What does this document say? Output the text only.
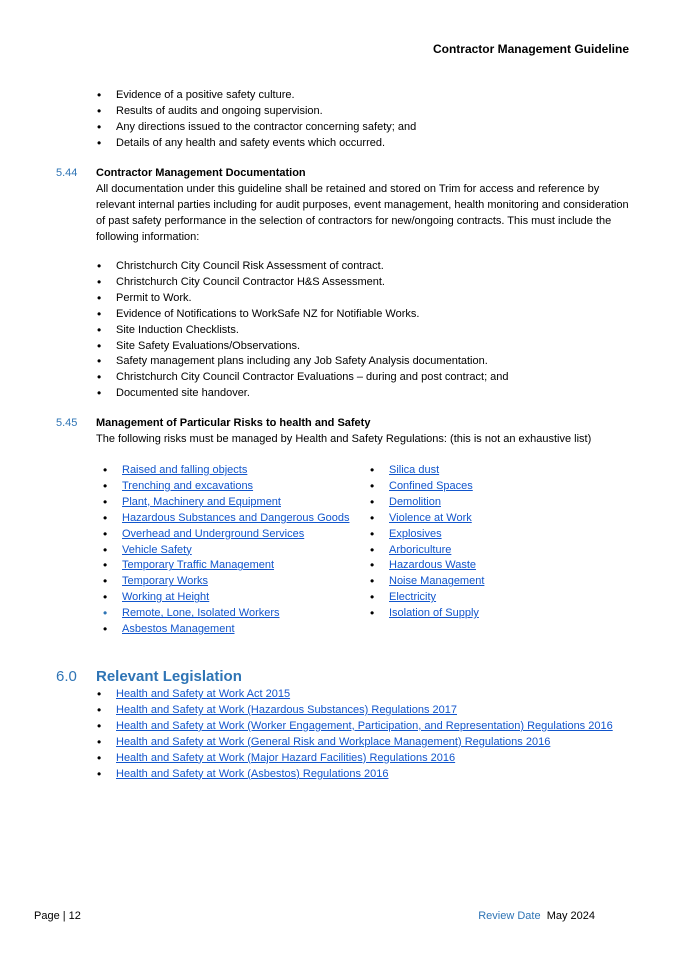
Contractor Management Guideline
• Evidence of a positive safety culture.
• Results of audits and ongoing supervision.
• Any directions issued to the contractor concerning safety; and
• Details of any health and safety events which occurred.
5.44 Contractor Management Documentation
All documentation under this guideline shall be retained and stored on Trim for access and reference by relevant internal parties including for audit purposes, event management, health monitoring and consideration of past safety performance in the selection of contractors for new/ongoing contracts. This must include the following information:
• Christchurch City Council Risk Assessment of contract.
• Christchurch City Council Contractor H&S Assessment.
• Permit to Work.
• Evidence of Notifications to WorkSafe NZ for Notifiable Works.
• Site Induction Checklists.
• Site Safety Evaluations/Observations.
• Safety management plans including any Job Safety Analysis documentation.
• Christchurch City Council Contractor Evaluations – during and post contract; and
• Documented site handover.
5.45 Management of Particular Risks to health and Safety
The following risks must be managed by Health and Safety Regulations: (this is not an exhaustive list)
• Raised and falling objects
• Trenching and excavations
• Plant, Machinery and Equipment
• Hazardous Substances and Dangerous Goods
• Overhead and Underground Services
• Vehicle Safety
• Temporary Traffic Management
• Temporary Works
• Working at Height
• Remote, Lone, Isolated Workers
• Asbestos Management
• Silica dust
• Confined Spaces
• Demolition
• Violence at Work
• Explosives
• Arboriculture
• Hazardous Waste
• Noise Management
• Electricity
• Isolation of Supply
6.0 Relevant Legislation
• Health and Safety at Work Act 2015
• Health and Safety at Work (Hazardous Substances) Regulations 2017
• Health and Safety at Work (Worker Engagement, Participation, and Representation) Regulations 2016
• Health and Safety at Work (General Risk and Workplace Management) Regulations 2016
• Health and Safety at Work (Major Hazard Facilities) Regulations 2016
• Health and Safety at Work (Asbestos) Regulations 2016
Page | 12	Review Date May 2024
